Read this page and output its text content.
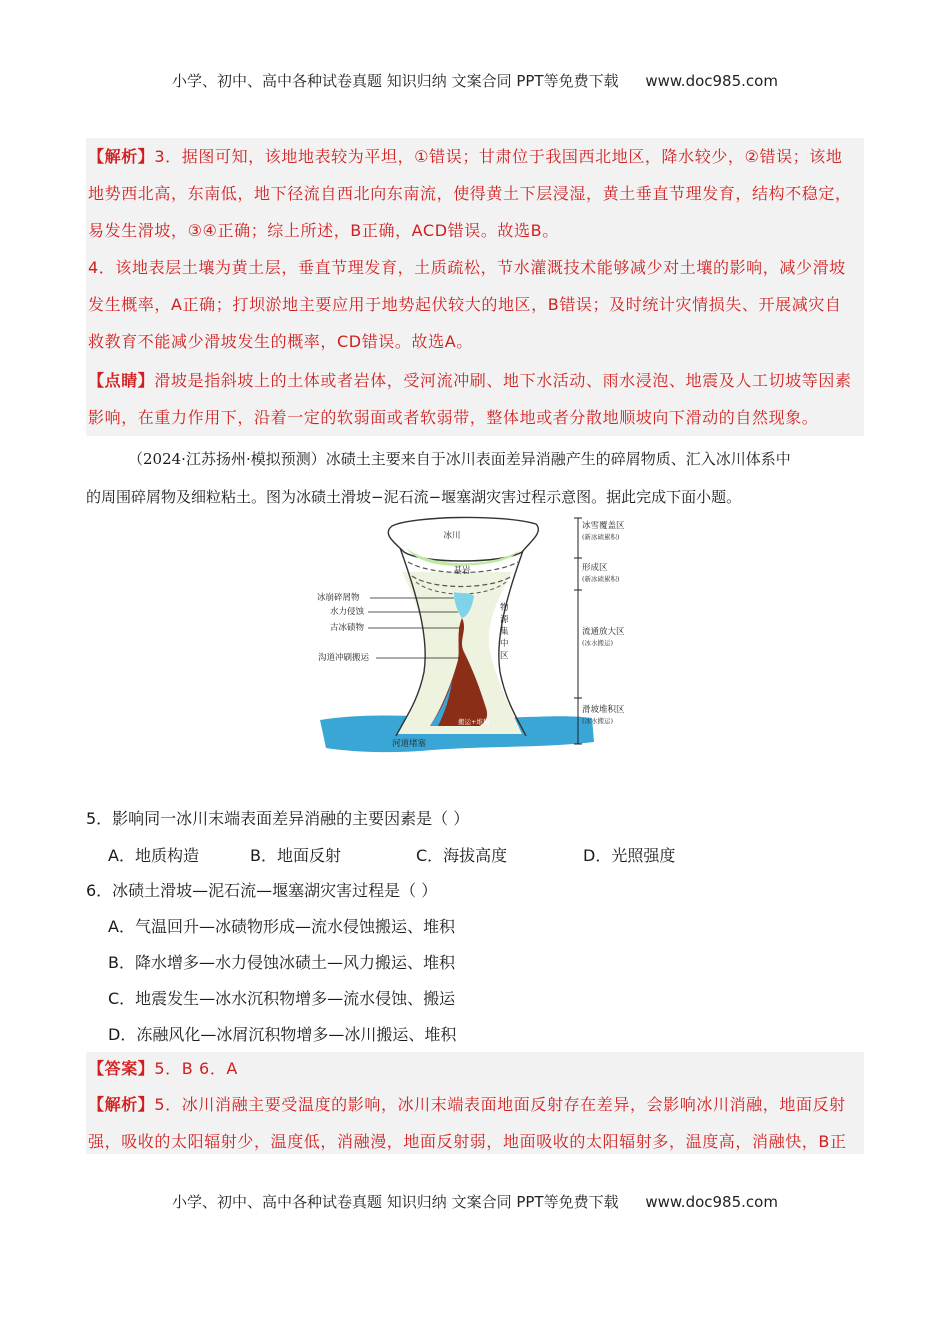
小学、初中、高中各种试卷真题 知识归纳 文案合同 PPT等免费下载 www.doc985.com
【解析】3．据图可知，该地地表较为平坦，①错误；甘肃位于我国西北地区，降水较少，②错误；该地
地势西北高，东南低，地下径流自西北向东南流，使得黄土下层浸湿，黄土垂直节理发育，结构不稳定，
易发生滑坡，③④正确；综上所述，B正确，ACD错误。故选B。
4．该地表层土壤为黄土层，垂直节理发育，土质疏松，节水灌溉技术能够减少对土壤的影响，减少滑坡
发生概率，A正确；打坝淤地主要应用于地势起伏较大的地区，B错误；及时统计灾情损失、开展减灾自
救教育不能减少滑坡发生的概率，CD错误。故选A。
【点睛】滑坡是指斜坡上的土体或者岩体，受河流冲刷、地下水活动、雨水浸泡、地震及人工切坡等因素
影响，在重力作用下，沿着一定的软弱面或者软弱带，整体地或者分散地顺坡向下滑动的自然现象。
（2024·江苏扬州·模拟预测）冰碛土主要来自于冰川表面差异消融产生的碎屑物质、汇入冰川体系中
的周围碎屑物及细粒粘土。图为冰碛土滑坡−泥石流−堰塞湖灾害过程示意图。据此完成下面小题。
冰川
基岩
冰崩碎屑物
水力侵蚀
古冰碛物
沟道冲刷搬运
物
源
集
中
区
搬运+堆积
河道堵塞
冰雪覆盖区
(新冰碛累积)
形成区
(新冰碛累积)
流通放大区
(冰水搬运)
滑坡堆积区
(冰水搬运)
5．影响同一冰川末端表面差异消融的主要因素是（ ）
A．地质构造	B．地面反射	C．海拔高度	D．光照强度
6．冰碛土滑坡—泥石流—堰塞湖灾害过程是（ ）
A．气温回升—冰碛物形成—流水侵蚀搬运、堆积
B．降水增多—水力侵蚀冰碛土—风力搬运、堆积
C．地震发生—冰水沉积物增多—流水侵蚀、搬运
D．冻融风化—冰屑沉积物增多—冰川搬运、堆积
【答案】5．B 6．A
【解析】5．冰川消融主要受温度的影响，冰川末端表面地面反射存在差异，会影响冰川消融，地面反射
强，吸收的太阳辐射少，温度低，消融漫，地面反射弱，地面吸收的太阳辐射多，温度高，消融快，B正
小学、初中、高中各种试卷真题 知识归纳 文案合同 PPT等免费下载 www.doc985.com
